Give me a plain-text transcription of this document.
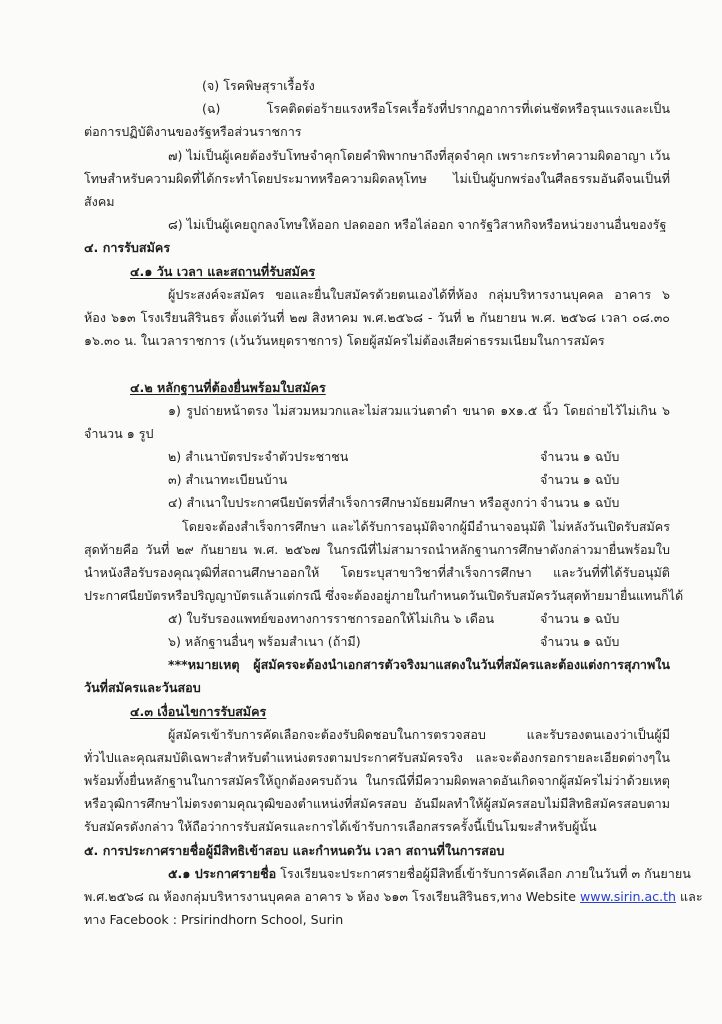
(จ) โรคพิษสุราเรื้อรัง
(ฉ) โรคติดต่อร้ายแรงหรือโรคเรื้อรังที่ปรากฏอาการที่เด่นชัดหรือรุนแรงและเป็น
ต่อการปฏิบัติงานของรัฐหรือส่วนราชการ
๗) ไม่เป็นผู้เคยต้องรับโทษจำคุกโดยคำพิพากษาถึงที่สุดจำคุก เพราะกระทำความผิดอาญา เว้น
โทษสำหรับความผิดที่ได้กระทำโดยประมาทหรือความผิดลหุโทษ ไม่เป็นผู้บกพร่องในศีลธรรมอันดีจนเป็นที่
สังคม
๘) ไม่เป็นผู้เคยถูกลงโทษให้ออก ปลดออก หรือไล่ออก จากรัฐวิสาหกิจหรือหน่วยงานอื่นของรัฐ
๔. การรับสมัคร
๔.๑ วัน เวลา และสถานที่รับสมัคร
ผู้ประสงค์จะสมัคร ขอและยื่นใบสมัครด้วยตนเองได้ที่ห้อง กลุ่มบริหารงานบุคคล อาคาร ๖
ห้อง ๖๑๓ โรงเรียนสิรินธร ตั้งแต่วันที่ ๒๗ สิงหาคม พ.ศ.๒๕๖๘ - วันที่ ๒ กันยายน พ.ศ. ๒๕๖๘ เวลา ๐๘.๓๐
๑๖.๓๐ น. ในเวลาราชการ (เว้นวันหยุดราชการ) โดยผู้สมัครไม่ต้องเสียค่าธรรมเนียมในการสมัคร
๔.๒ หลักฐานที่ต้องยื่นพร้อมใบสมัคร
๑) รูปถ่ายหน้าตรง ไม่สวมหมวกและไม่สวมแว่นตาดำ ขนาด ๑x๑.๕ นิ้ว โดยถ่ายไว้ไม่เกิน ๖
จำนวน ๑ รูป
๒) สำเนาบัตรประจำตัวประชาชน	จำนวน ๑ ฉบับ
๓) สำเนาทะเบียนบ้าน	จำนวน ๑ ฉบับ
๔) สำเนาใบประกาศนียบัตรที่สำเร็จการศึกษามัธยมศึกษา หรือสูงกว่า จำนวน ๑ ฉบับ
โดยจะต้องสำเร็จการศึกษา และได้รับการอนุมัติจากผู้มีอำนาจอนุมัติ ไม่หลังวันเปิดรับสมัคร
สุดท้ายคือ วันที่ ๒๙ กันยายน พ.ศ. ๒๕๖๗ ในกรณีที่ไม่สามารถนำหลักฐานการศึกษาดังกล่าวมายื่นพร้อมใบ
นำหนังสือรับรองคุณวุฒิที่สถานศึกษาออกให้ โดยระบุสาขาวิชาที่สำเร็จการศึกษา และวันที่ที่ได้รับอนุมัติ
ประกาศนียบัตรหรือปริญญาบัตรแล้วแต่กรณี ซึ่งจะต้องอยู่ภายในกำหนดวันเปิดรับสมัครวันสุดท้ายมายื่นแทนก็ได้
๕) ใบรับรองแพทย์ของทางการราชการออกให้ไม่เกิน ๖ เดือน	จำนวน ๑ ฉบับ
๖) หลักฐานอื่นๆ พร้อมสำเนา (ถ้ามี)	จำนวน ๑ ฉบับ
***หมายเหตุ ผู้สมัครจะต้องนำเอกสารตัวจริงมาแสดงในวันที่สมัครและต้องแต่งการสุภาพใน
วันที่สมัครและวันสอบ
๔.๓ เงื่อนไขการรับสมัคร
ผู้สมัครเข้ารับการคัดเลือกจะต้องรับผิดชอบในการตรวจสอบ และรับรองตนเองว่าเป็นผู้มี
ทั่วไปและคุณสมบัติเฉพาะสำหรับตำแหน่งตรงตามประกาศรับสมัครจริง และจะต้องกรอกรายละเอียดต่างๆใน
พร้อมทั้งยื่นหลักฐานในการสมัครให้ถูกต้องครบถ้วน ในกรณีที่มีความผิดพลาดอันเกิดจากผู้สมัครไม่ว่าด้วยเหตุ
หรือวุฒิการศึกษาไม่ตรงตามคุณวุฒิของตำแหน่งที่สมัครสอบ อันมีผลทำให้ผู้สมัครสอบไม่มีสิทธิสมัครสอบตาม
รับสมัครดังกล่าว ให้ถือว่าการรับสมัครและการได้เข้ารับการเลือกสรรครั้งนี้เป็นโมฆะสำหรับผู้นั้น
๕. การประกาศรายชื่อผู้มีสิทธิเข้าสอบ และกำหนดวัน เวลา สถานที่ในการสอบ
๕.๑ ประกาศรายชื่อ โรงเรียนจะประกาศรายชื่อผู้มีสิทธิ์เข้ารับการคัดเลือก ภายในวันที่ ๓ กันยายน
พ.ศ.๒๕๖๘ ณ ห้องกลุ่มบริหารงานบุคคล อาคาร ๖ ห้อง ๖๑๓ โรงเรียนสิรินธร,ทาง Website www.sirin.ac.th และ
ทาง Facebook : Prsirindhorn School, Surin
